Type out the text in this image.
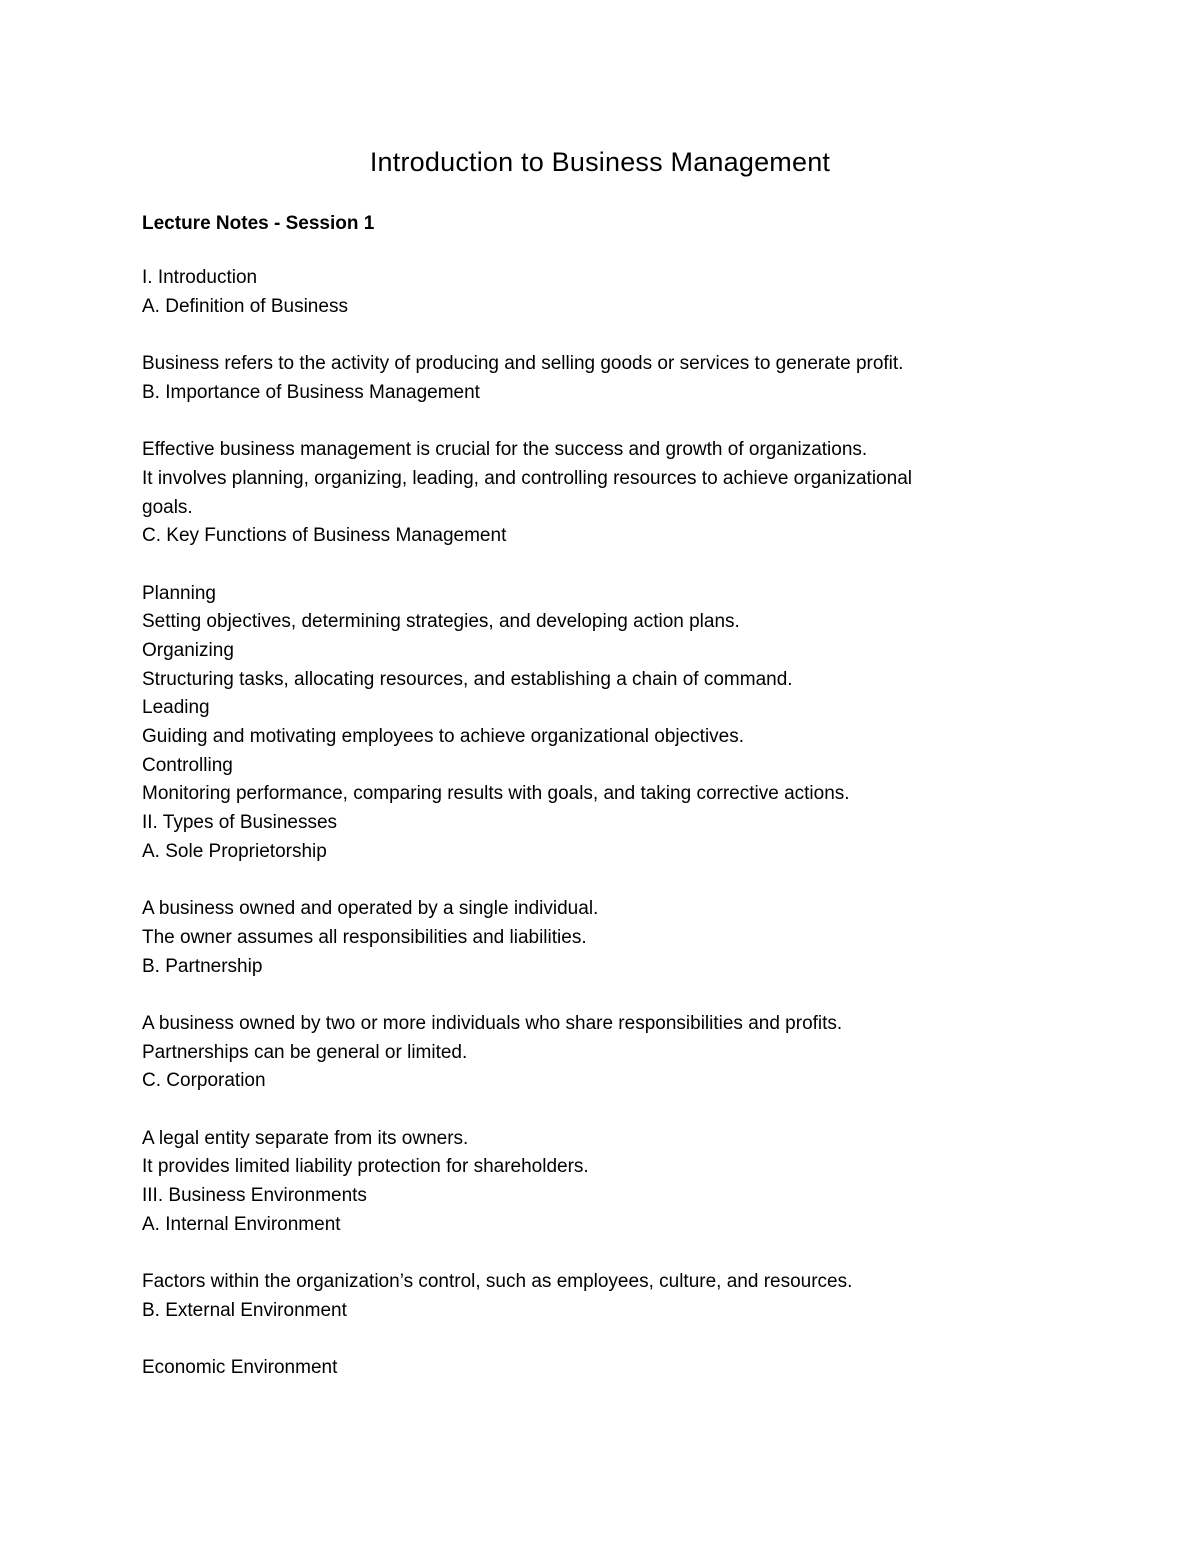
Introduction to Business Management

Lecture Notes - Session 1

I. Introduction
A. Definition of Business
Business refers to the activity of producing and selling goods or services to generate profit.
B. Importance of Business Management
Effective business management is crucial for the success and growth of organizations.
It involves planning, organizing, leading, and controlling resources to achieve organizational
goals.
C. Key Functions of Business Management
Planning
Setting objectives, determining strategies, and developing action plans.
Organizing
Structuring tasks, allocating resources, and establishing a chain of command.
Leading
Guiding and motivating employees to achieve organizational objectives.
Controlling
Monitoring performance, comparing results with goals, and taking corrective actions.
II. Types of Businesses
A. Sole Proprietorship
A business owned and operated by a single individual.
The owner assumes all responsibilities and liabilities.
B. Partnership
A business owned by two or more individuals who share responsibilities and profits.
Partnerships can be general or limited.
C. Corporation
A legal entity separate from its owners.
It provides limited liability protection for shareholders.
III. Business Environments
A. Internal Environment
Factors within the organization’s control, such as employees, culture, and resources.
B. External Environment
Economic Environment
